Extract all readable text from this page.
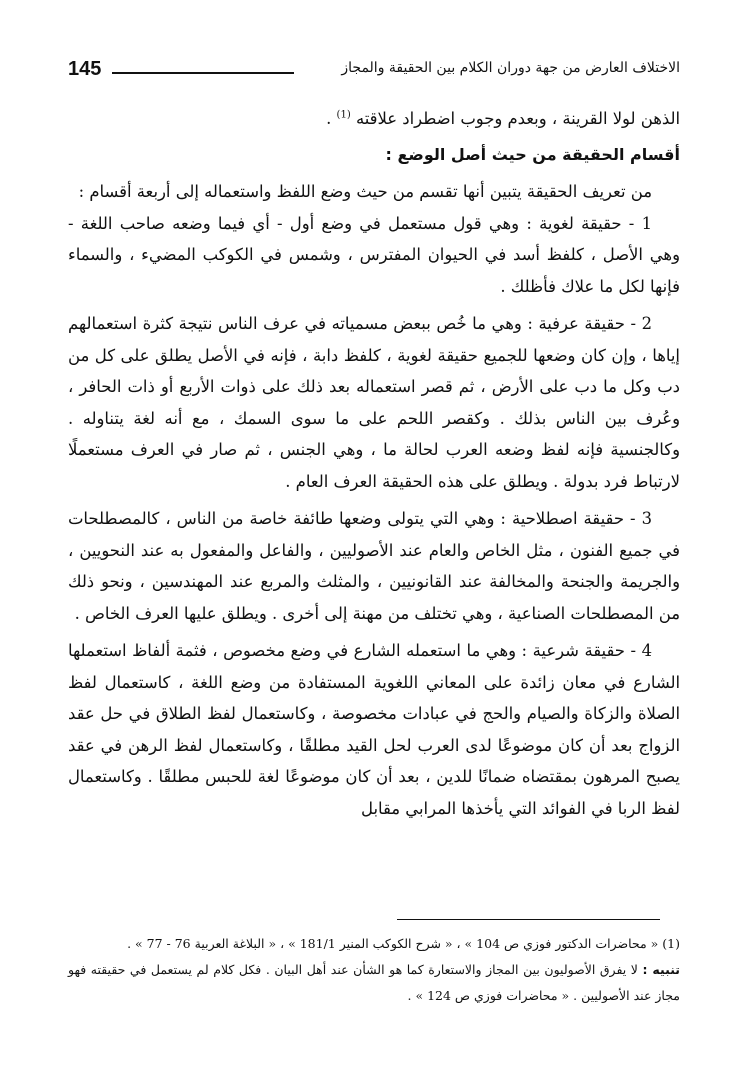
145	الاختلاف العارض من جهة دوران الكلام بين الحقيقة والمجاز

الذهن لولا القرينة ، وبعدم وجوب اضطراد علاقته $^{(1)}$ .

أقسام الحقيقة من حيث أصل الوضع :

من تعريف الحقيقة يتبين أنها تقسم من حيث وضع اللفظ واستعماله إلى أربعة أقسام :

1 - حقيقة لغوية : وهي قول مستعمل في وضع أول - أي فيما وضعه صاحب اللغة - وهي الأصل ، كلفظ أسد في الحيوان المفترس ، وشمس في الكوكب المضيء ، والسماء فإنها لكل ما علاك فأظلك .

2 - حقيقة عرفية : وهي ما خُص ببعض مسمياته في عرف الناس نتيجة كثرة استعمالهم إياها ، وإن كان وضعها للجميع حقيقة لغوية ، كلفظ دابة ، فإنه في الأصل يطلق على كل من دب وكل ما دب على الأرض ، ثم قصر استعماله بعد ذلك على ذوات الأربع أو ذات الحافر ، وعُرف بين الناس بذلك . وكقصر اللحم على ما سوى السمك ، مع أنه لغة يتناوله . وكالجنسية فإنه لفظ وضعه العرب لحالة ما ، وهي الجنس ، ثم صار في العرف مستعملًا لارتباط فرد بدولة . ويطلق على هذه الحقيقة العرف العام .

3 - حقيقة اصطلاحية : وهي التي يتولى وضعها طائفة خاصة من الناس ، كالمصطلحات في جميع الفنون ، مثل الخاص والعام عند الأصوليين ، والفاعل والمفعول به عند النحويين ، والجريمة والجنحة والمخالفة عند القانونيين ، والمثلث والمربع عند المهندسين ، ونحو ذلك من المصطلحات الصناعية ، وهي تختلف من مهنة إلى أخرى . ويطلق عليها العرف الخاص .

4 - حقيقة شرعية : وهي ما استعمله الشارع في وضع مخصوص ، فثمة ألفاظ استعملها الشارع في معان زائدة على المعاني اللغوية المستفادة من وضع اللغة ، كاستعمال لفظ الصلاة والزكاة والصيام والحج في عبادات مخصوصة ، وكاستعمال لفظ الطلاق في حل عقد الزواج بعد أن كان موضوعًا لدى العرب لحل القيد مطلقًا ، وكاستعمال لفظ الرهن في عقد يصبح المرهون بمقتضاه ضمانًا للدين ، بعد أن كان موضوعًا لغة للحبس مطلقًا . وكاستعمال لفظ الربا في الفوائد التي يأخذها المرابي مقابل

(1) « محاضرات الدكتور فوزي ص 104 » ، « شرح الكوكب المنير 181/1 » ، « البلاغة العربية 76 - 77 » .

تنبيه : لا يفرق الأصوليون بين المجاز والاستعارة كما هو الشأن عند أهل البيان . فكل كلام لم يستعمل في حقيقته فهو مجاز عند الأصوليين . « محاضرات فوزي ص 124 » .
